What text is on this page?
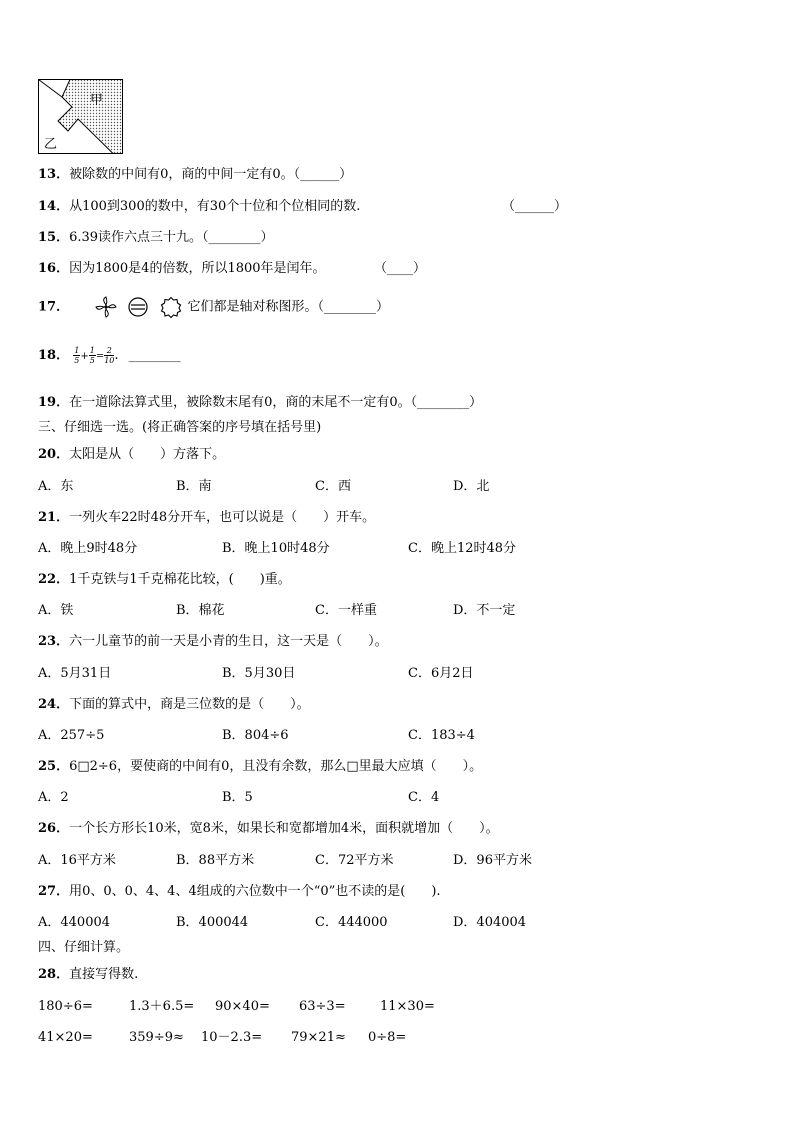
甲
乙
13．被除数的中间有0，商的中间一定有0。（______）
14．从100到300的数中，有30个十位和个位相同的数.	（______）
15．6.39读作六点三十九。（________）
16．因为1800是4的倍数，所以1800年是闰年。	（____）
17．	它们都是轴对称图形。（________）
18． $\frac{1}{5} + \frac{1}{5} = \frac{2}{10}$ . ________
19．在一道除法算式里，被除数末尾有0，商的末尾不一定有0。（________）
三、仔细选一选。(将正确答案的序号填在括号里)
20．太阳是从（　　）方落下。
A．东	B．南	C．西	D．北
21．一列火车22时48分开车，也可以说是（　　）开车。
A．晚上9时48分	B．晚上10时48分	C．晚上12时48分
22．1千克铁与1千克棉花比较，(　　)重。
A．铁	B．棉花	C．一样重	D．不一定
23．六一儿童节的前一天是小青的生日，这一天是（　　）。
A．5月31日	B．5月30日	C．6月2日
24．下面的算式中，商是三位数的是（　　）。
A．257÷5	B．804÷6	C．183÷4
25．6□2÷6，要使商的中间有0，且没有余数，那么□里最大应填（　　）。
A．2	B．5	C．4
26．一个长方形长10米，宽8米，如果长和宽都增加4米，面积就增加（　　）。
A．16平方米	B．88平方米	C．72平方米	D．96平方米
27．用0、0、0、4、4、4组成的六位数中一个“0”也不读的是(　　).
A．440004	B．400044	C．444000	D．404004
四、仔细计算。
28．直接写得数.
180÷6=	1.3＋6.5= 90×40= 63÷3=	11×30=
41×20=	359÷9≈ 10－2.3= 79×21≈ 0÷8=
